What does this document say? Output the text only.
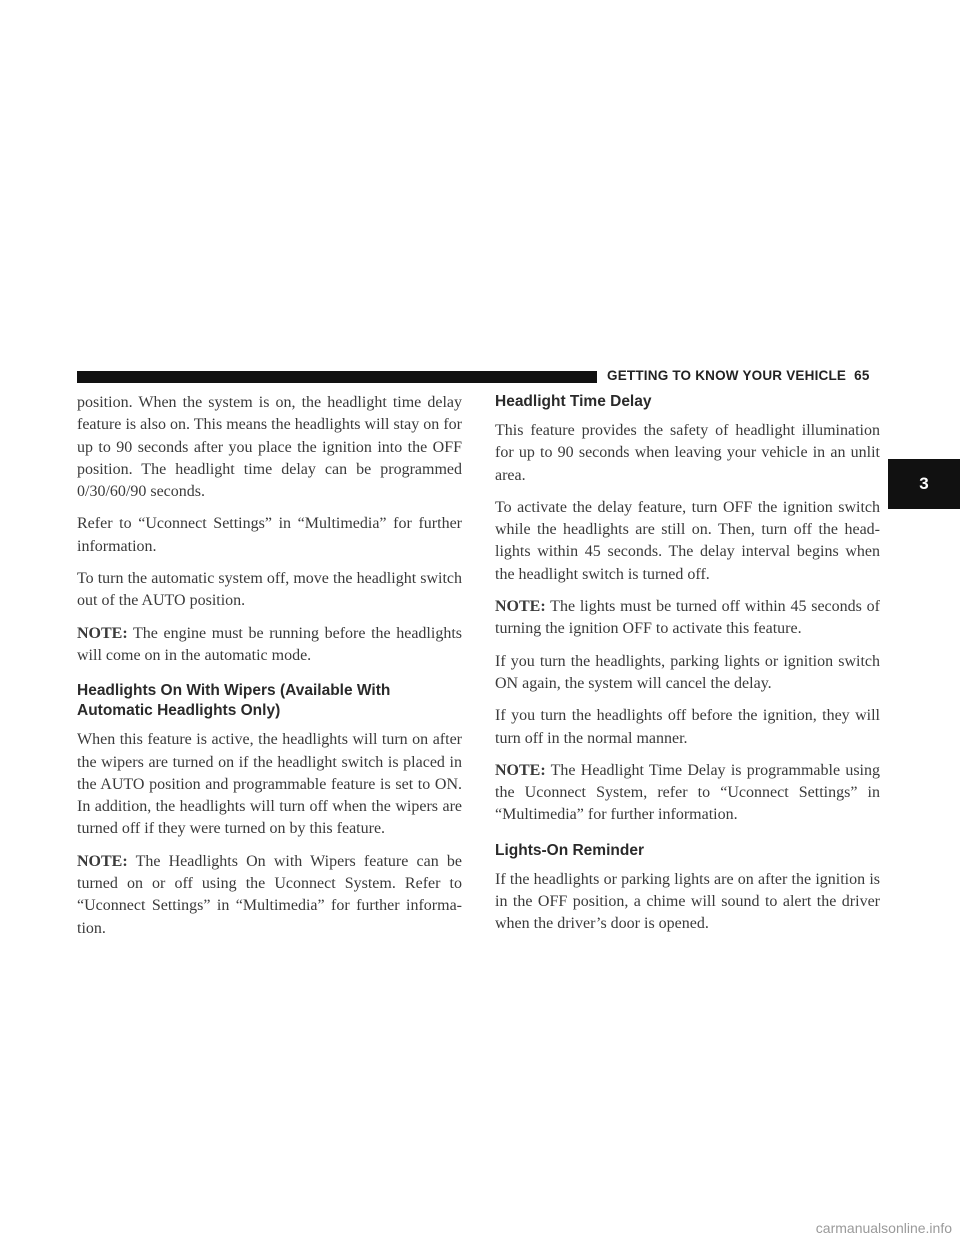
GETTING TO KNOW YOUR VEHICLE 65
3

position. When the system is on, the headlight time delay feature is also on. This means the headlights will stay on for up to 90 seconds after you place the ignition into the OFF position. The headlight time delay can be programmed 0/30/60/90 seconds.

Refer to “Uconnect Settings” in “Multimedia” for further information.

To turn the automatic system off, move the headlight switch out of the AUTO position.

NOTE: The engine must be running before the headlights will come on in the automatic mode.

Headlights On With Wipers (Available With Automatic Headlights Only)

When this feature is active, the headlights will turn on after the wipers are turned on if the headlight switch is placed in the AUTO position and programmable feature is set to ON. In addition, the headlights will turn off when the wipers are turned off if they were turned on by this feature.

NOTE: The Headlights On with Wipers feature can be turned on or off using the Uconnect System. Refer to “Uconnect Settings” in “Multimedia” for further information.

Headlight Time Delay

This feature provides the safety of headlight illumination for up to 90 seconds when leaving your vehicle in an unlit area.

To activate the delay feature, turn OFF the ignition switch while the headlights are still on. Then, turn off the headlights within 45 seconds. The delay interval begins when the headlight switch is turned off.

NOTE: The lights must be turned off within 45 seconds of turning the ignition OFF to activate this feature.

If you turn the headlights, parking lights or ignition switch ON again, the system will cancel the delay.

If you turn the headlights off before the ignition, they will turn off in the normal manner.

NOTE: The Headlight Time Delay is programmable using the Uconnect System, refer to “Uconnect Settings” in “Multimedia” for further information.

Lights-On Reminder

If the headlights or parking lights are on after the ignition is in the OFF position, a chime will sound to alert the driver when the driver’s door is opened.

carmanualsonline.info
